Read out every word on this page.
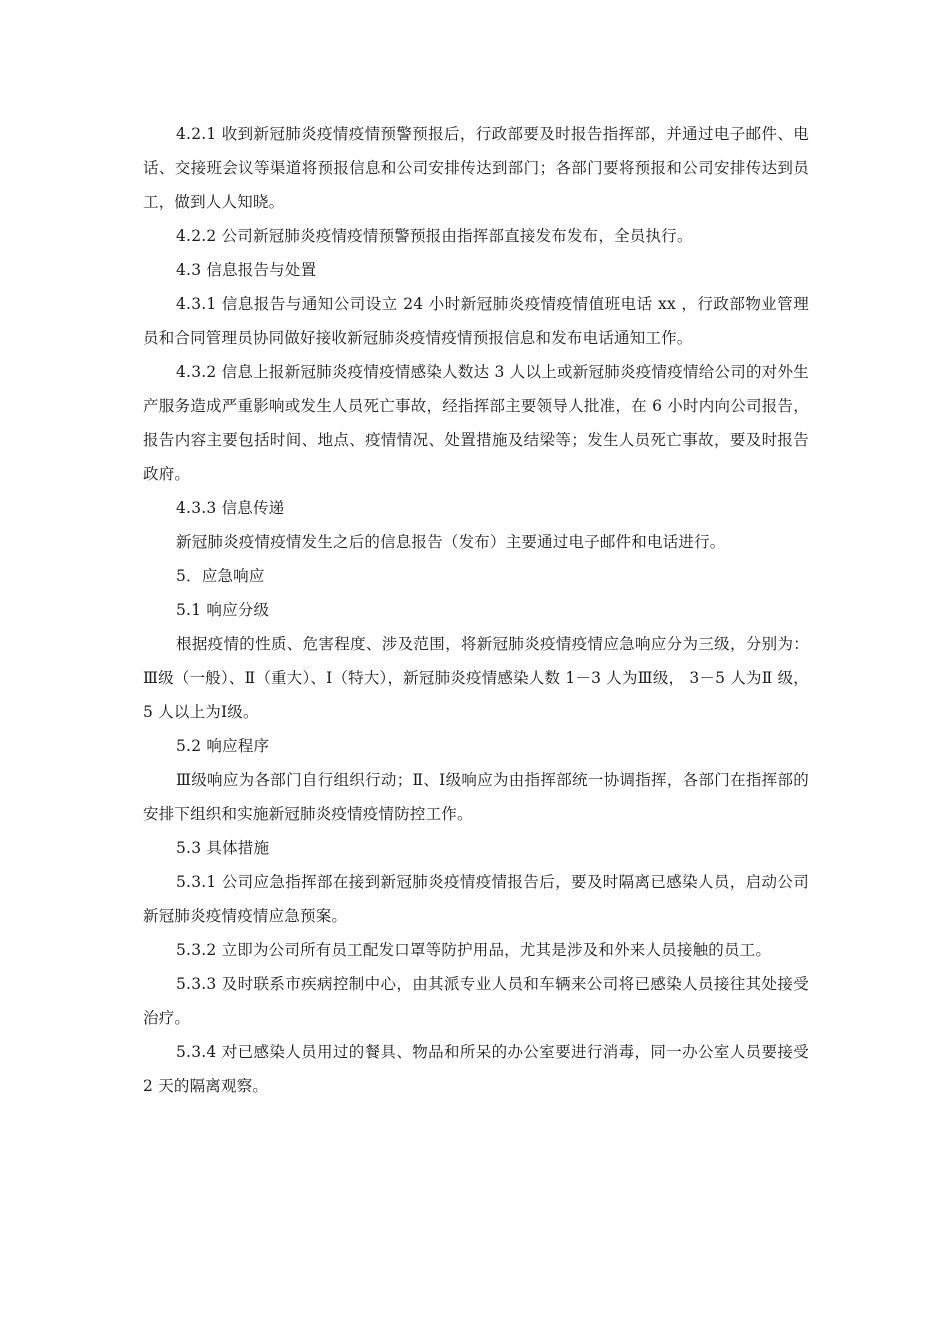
4.2.1 收到新冠肺炎疫情疫情预警预报后，行政部要及时报告指挥部，并通过电子邮件、电话、交接班会议等渠道将预报信息和公司安排传达到部门；各部门要将预报和公司安排传达到员工，做到人人知晓。

4.2.2 公司新冠肺炎疫情疫情预警预报由指挥部直接发布发布，全员执行。

4.3 信息报告与处置

4.3.1 信息报告与通知公司设立 24 小时新冠肺炎疫情疫情值班电话 xx ，行政部物业管理员和合同管理员协同做好接收新冠肺炎疫情疫情预报信息和发布电话通知工作。

4.3.2 信息上报新冠肺炎疫情疫情感染人数达 3 人以上或新冠肺炎疫情疫情给公司的对外生产服务造成严重影响或发生人员死亡事故，经指挥部主要领导人批准，在 6 小时内向公司报告，报告内容主要包括时间、地点、疫情情况、处置措施及结梁等；发生人员死亡事故，要及时报告政府。

4.3.3 信息传递

新冠肺炎疫情疫情发生之后的信息报告（发布）主要通过电子邮件和电话进行。

5．应急响应

5.1 响应分级

根据疫情的性质、危害程度、涉及范围，将新冠肺炎疫情疫情应急响应分为三级，分别为：Ⅲ级（一般）、Ⅱ（重大）、Ⅰ（特大），新冠肺炎疫情感染人数 1－3 人为Ⅲ级， 3－5 人为Ⅱ 级， 5 人以上为Ⅰ级。

5.2 响应程序

Ⅲ级响应为各部门自行组织行动；Ⅱ、Ⅰ级响应为由指挥部统一协调指挥，各部门在指挥部的安排下组织和实施新冠肺炎疫情疫情防控工作。

5.3 具体措施

5.3.1 公司应急指挥部在接到新冠肺炎疫情疫情报告后，要及时隔离已感染人员，启动公司新冠肺炎疫情疫情应急预案。

5.3.2 立即为公司所有员工配发口罩等防护用品，尤其是涉及和外来人员接触的员工。

5.3.3 及时联系市疾病控制中心，由其派专业人员和车辆来公司将已感染人员接往其处接受治疗。

5.3.4 对已感染人员用过的餐具、物品和所呆的办公室要进行消毒，同一办公室人员要接受 2 天的隔离观察。
